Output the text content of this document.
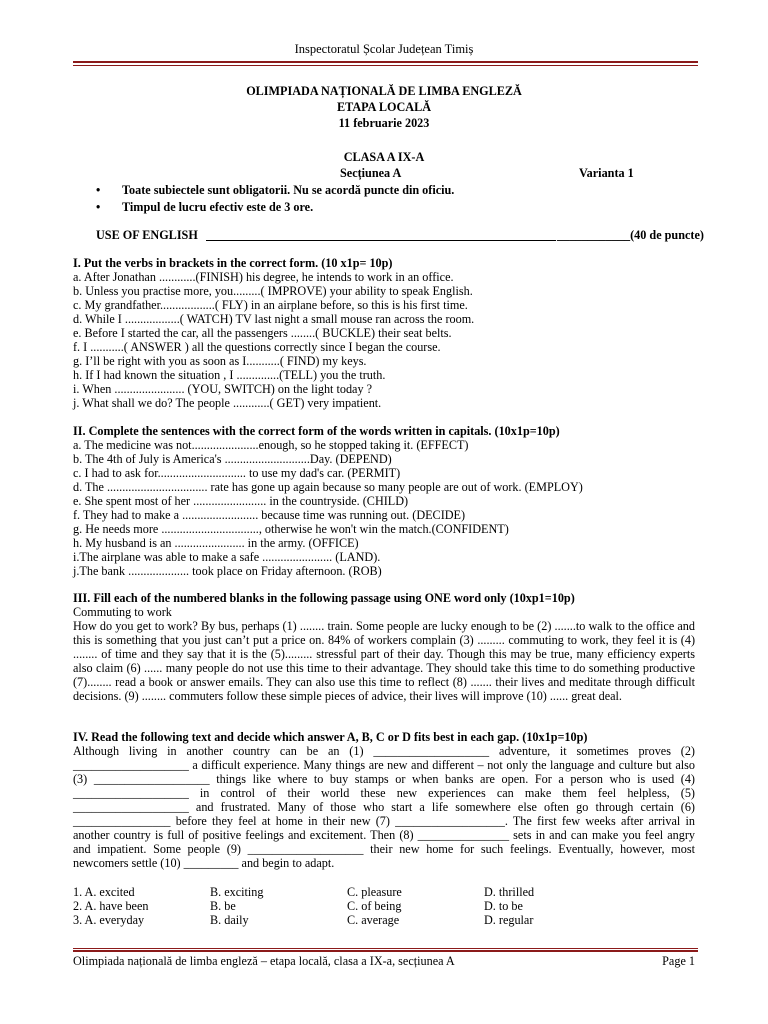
Inspectoratul Școlar Județean Timiș
OLIMPIADA NAȚIONALĂ DE LIMBA ENGLEZĂ
ETAPA LOCALĂ
11 februarie 2023
CLASA A IX-A
Secțiunea A	Varianta 1
• Toate subiectele sunt obligatorii. Nu se acordă puncte din oficiu.
• Timpul de lucru efectiv este de 3 ore.
USE OF ENGLISH	____________(40 de puncte)
I. Put the verbs in brackets in the correct form. (10 x1p= 10p)
a. After Jonathan ............(FINISH) his degree, he intends to work in an office.
b. Unless you practise more, you.........( IMPROVE) your ability to speak English.
c. My grandfather..................( FLY) in an airplane before, so this is his first time.
d. While I ..................( WATCH) TV last night a small mouse ran across the room.
e. Before I started the car, all the passengers ........( BUCKLE) their seat belts.
f. I ...........( ANSWER ) all the questions correctly since I began the course.
g. I’ll be right with you as soon as I...........( FIND) my keys.
h. If I had known the situation , I ..............(TELL) you the truth.
i. When ....................... (YOU, SWITCH) on the light today ?
j. What shall we do? The people ............( GET) very impatient.
II. Complete the sentences with the correct form of the words written in capitals. (10x1p=10p)
a. The medicine was not......................enough, so he stopped taking it. (EFFECT)
b. The 4th of July is America's ............................Day. (DEPEND)
c. I had to ask for............................. to use my dad's car. (PERMIT)
d. The ................................. rate has gone up again because so many people are out of work. (EMPLOY)
e. She spent most of her ........................ in the countryside. (CHILD)
f. They had to make a ......................... because time was running out. (DECIDE)
g. He needs more ................................, otherwise he won't win the match.(CONFIDENT)
h. My husband is an ....................... in the army. (OFFICE)
i.The airplane was able to make a safe ....................... (LAND).
j.The bank .................... took place on Friday afternoon. (ROB)
III. Fill each of the numbered blanks in the following passage using ONE word only (10xp1=10p)
Commuting to work

How do you get to work? By bus, perhaps (1) ........ train. Some people are lucky enough to be (2) .......to walk to the office and this is something that you just can’t put a price on. 84% of workers complain (3) ......... commuting to work, they feel it is (4) ........ of time and they say that it is the (5)......... stressful part of their day. Though this may be true, many efficiency experts also claim (6) ...... many people do not use this time to their advantage. They should take this time to do something productive (7)........ read a book or answer emails. They can also use this time to reflect (8) ....... their lives and meditate through difficult decisions. (9) ........ commuters follow these simple pieces of advice, their lives will improve (10) ...... great deal.

IV. Read the following text and decide which answer A, B, C or D fits best in each gap. (10x1p=10p)

Although living in another country can be an (1) ___________________ adventure, it sometimes proves (2) ___________________ a difficult experience. Many things are new and different – not only the language and culture but also (3) ___________________ things like where to buy stamps or when banks are open. For a person who is used (4) ___________________ in control of their world these new experiences can make them feel helpless, (5) ___________________ and frustrated. Many of those who start a life somewhere else often go through certain (6) ________________ before they feel at home in their new (7) __________________. The first few weeks after arrival in another country is full of positive feelings and excitement. Then (8) _______________ sets in and can make you feel angry and impatient. Some people (9) ___________________ their new home for such feelings. Eventually, however, most newcomers settle (10) _________ and begin to adapt.

1. A. excited	B. exciting	C. pleasure	D. thrilled
2. A. have been	B. be	C. of being	D. to be
3. A. everyday	B. daily	C. average	D. regular
Olimpiada națională de limba engleză – etapa locală, clasa a IX-a, secțiunea A	Page 1
